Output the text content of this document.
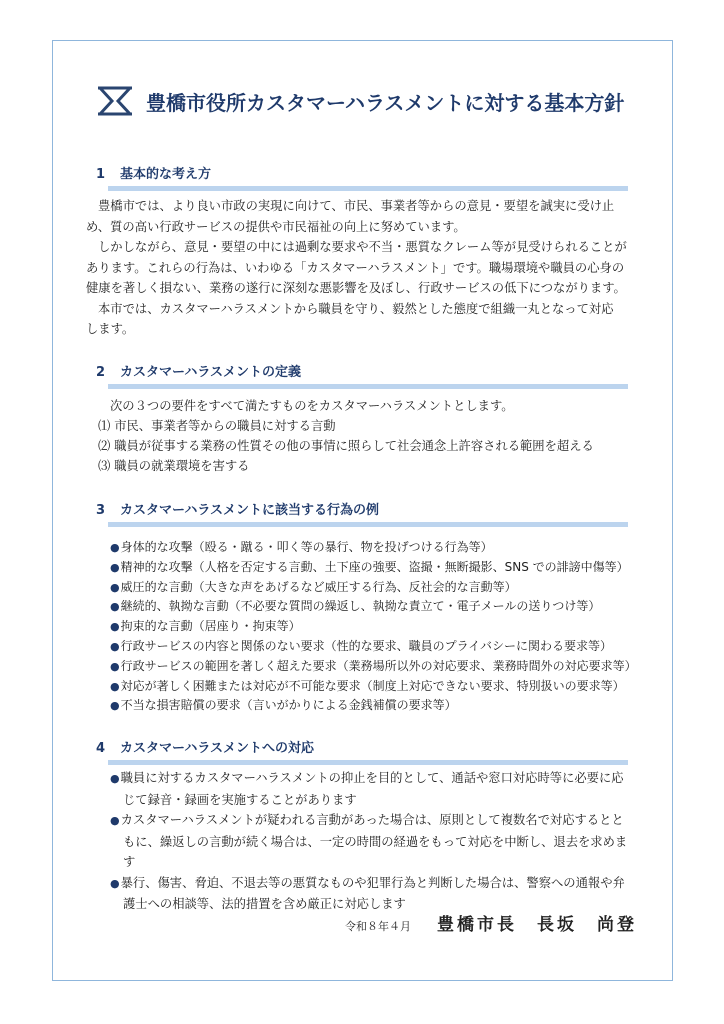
豊橋市役所カスタマーハラスメントに対する基本方針
1 基本的な考え方

豊橋市では、より良い市政の実現に向けて、市民、事業者等からの意見・要望を誠実に受け止

め、質の高い行政サービスの提供や市民福祉の向上に努めています。

しかしながら、意見・要望の中には過剰な要求や不当・悪質なクレーム等が見受けられることが

あります。これらの行為は、いわゆる「カスタマーハラスメント」です。職場環境や職員の心身の

健康を著しく損ない、業務の遂行に深刻な悪影響を及ぼし、行政サービスの低下につながります。

本市では、カスタマーハラスメントから職員を守り、毅然とした態度で組織一丸となって対応

します。

2 カスタマーハラスメントの定義

次の３つの要件をすべて満たすものをカスタマーハラスメントとします。

⑴ 市民、事業者等からの職員に対する言動

⑵ 職員が従事する業務の性質その他の事情に照らして社会通念上許容される範囲を超える

⑶ 職員の就業環境を害する

3 カスタマーハラスメントに該当する行為の例
●身体的な攻撃（殴る・蹴る・叩く等の暴行、物を投げつける行為等）
●精神的な攻撃（人格を否定する言動、土下座の強要、盗撮・無断撮影、SNS での誹謗中傷等）
●威圧的な言動（大きな声をあげるなど威圧する行為、反社会的な言動等）
●継続的、執拗な言動（不必要な質問の繰返し、執拗な責立て・電子メールの送りつけ等）
●拘束的な言動（居座り・拘束等）
●行政サービスの内容と関係のない要求（性的な要求、職員のプライバシーに関わる要求等）
●行政サービスの範囲を著しく超えた要求（業務場所以外の対応要求、業務時間外の対応要求等）
●対応が著しく困難または対応が不可能な要求（制度上対応できない要求、特別扱いの要求等）
●不当な損害賠償の要求（言いがかりによる金銭補償の要求等）
4 カスタマーハラスメントへの対応
●職員に対するカスタマーハラスメントの抑止を目的として、通話や窓口対応時等に必要に応じて録音・録画を実施することがあります
●カスタマーハラスメントが疑われる言動があった場合は、原則として複数名で対応するとともに、繰返しの言動が続く場合は、一定の時間の経過をもって対応を中断し、退去を求めます
●暴行、傷害、脅迫、不退去等の悪質なものや犯罪行為と判断した場合は、警察への通報や弁護士への相談等、法的措置を含め厳正に対応します
令和８年４月 豊橋市長　長坂　尚登
